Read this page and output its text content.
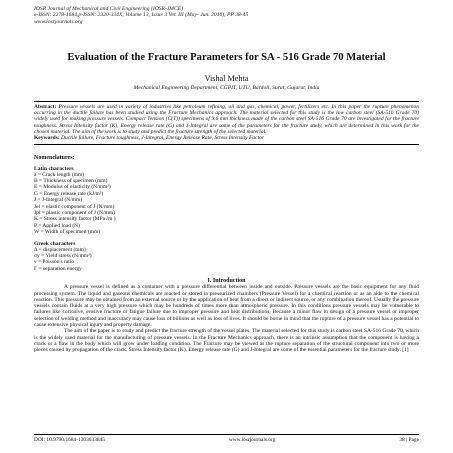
IOSR Journal of Mechanical and Civil Engineering (IOSR-JMCE)
e-ISSN: 2278-1684,p-ISSN: 2320-334X, Volume 13, Issue 3 Ver. III (May- Jun. 2016), PP 38-45
www.iosrjournals.org
Evaluation of the Fracture Parameters for SA - 516 Grade 70 Material
Vishal Mehta
Mechanical Engineering Department, CGPIT, UTU, Bardoli, Surat, Gujarat, India
Abstract: Pressure vessels are used in variety of industries like petroleum refining, oil and gas, chemical, power, fertilizers etc. In this paper the rupture phenomenon occurring in the ductile failure has been studied using the Fracture Mechanics approach. The material selected for this study is the low carbon steel (SA-516 Grade 70) widely used for making pressure vessels. Compact Tension (C(T)) specimens of 9.6 mm thickness made of the carbon steel SA-516 Grade 70 are investigated for the fracture toughness. Stress Intensity factor (K), Energy release rate (G) and J-Integral are some of the parameters for the fracture study, which are determined in this work for the chosen material. The aim of the work is to study and predict the fracture strength of the selected material.
Keywords: Ductile failure, Fracture toughness, J-Integral, Energy Release Rate, Stress Intensity Factor
Nomenclatures:
Latin characters
a = Crack length (mm)
B = Thickness of specimen (mm)
E = Modulus of elasticity (N/mm²)
G = Energy release rate (kJ/m²)
J = J-Integral (N/mm)
Jel = elastic component of J (N/mm)
Jpl = plastic component of J (N/mm)
K = Stress intensity factor (MPa√m )
P = Applied load (N)
W = Width of specimen (mm)
Greek characters
Δ = displacement (mm)
σy = Yield stress (N/mm²)
ν = Poisson's ratio
Γ = separation energy
I. Introduction

A pressure vessel is defined as a container with a pressure differential between inside and outside. Pressure vessels are the basic equipment for any fluid processing system. The liquid and gaseous chemicals are reacted or stored in pressurized chambers (Pressure Vessel) for a chemical reaction or as an aide to the chemical reaction. This pressure may be obtained from an external source or by the application of heat from a direct or indirect source, or any combination thereof. Usually the pressure vessels contain fluids at a very high pressure which may be hundreds of times more than atmospheric pressure. In this conditions pressure vessels may be vulnerable to failures like corrosive, erosive fracture or fatigue failure due to improper pressure and heat distributions. Because a minor flaw in design of a pressure vessel or improper selection of welding method and inaccuracy may cause loss of billions as well as loss of lives. It should be borne in mind that the rupture of a pressure vessel has a potential to cause extensive physical injury and property damage.

The aim of the paper is to study and predict the fracture strength of the vessel plates. The material selected for this study is carbon steel SA-516 Grade 70, which is the widely used material for the manufacturing of pressure vessels. In the Fracture Mechanics approach, there is an intrinsic assumption that the component is having a crack or a flaw in the body which will grow under loading condition. The Fracture may be viewed as the rupture separation of the structural component into two or more pieces caused by propagation of the crack. Stress Intensity factor (K), Energy release rate (G) and J-Integral are some of the essential parameters for the fracture study. [1]

DOI: 10.9790/1684-1303033845	www.iosrjournals.org	38 | Page
